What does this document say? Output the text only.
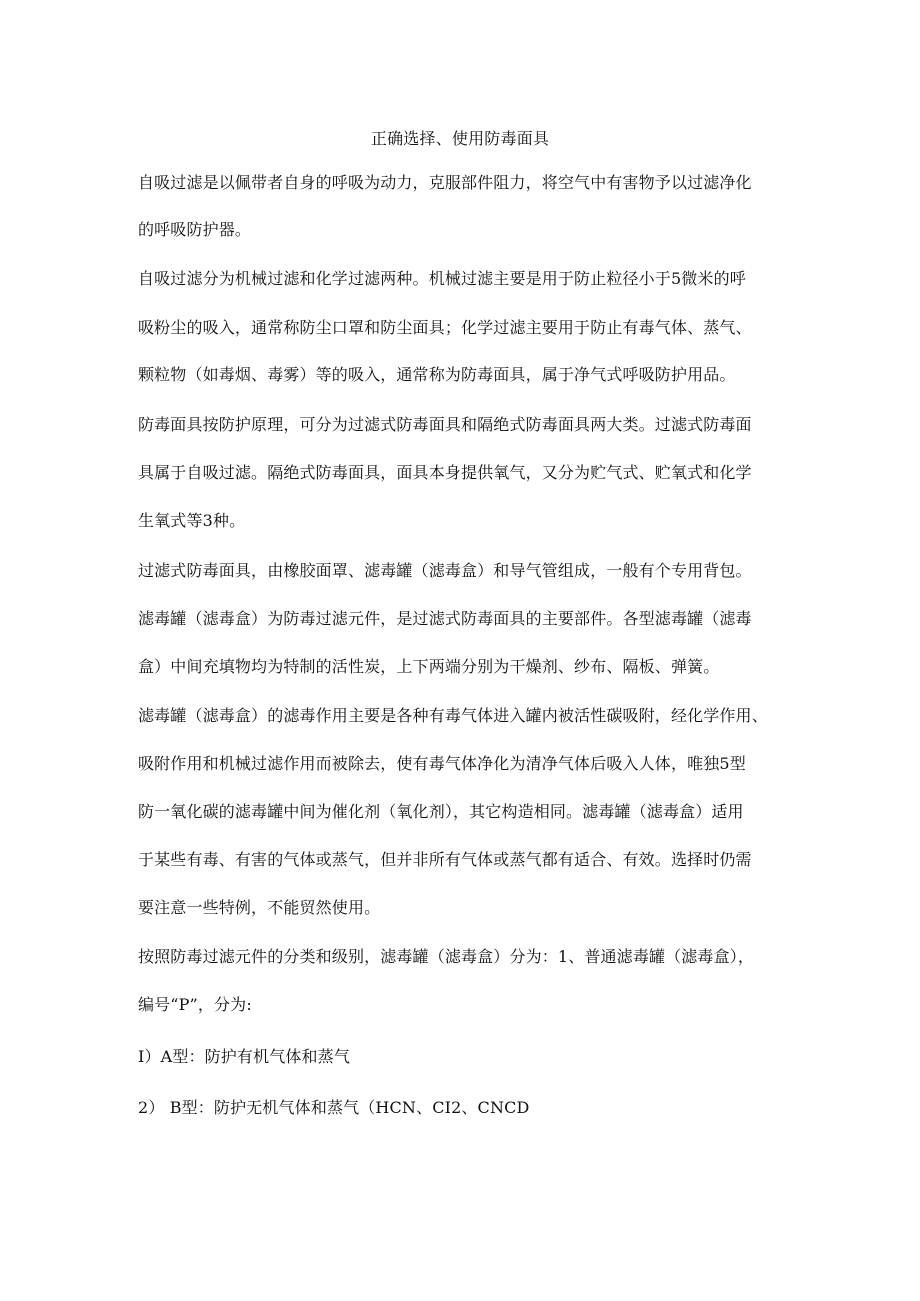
正确选择、使用防毒面具

自吸过滤是以佩带者自身的呼吸为动力，克服部件阻力，将空气中有害物予以过滤净化

的呼吸防护器。

自吸过滤分为机械过滤和化学过滤两种。机械过滤主要是用于防止粒径小于5微米的呼

吸粉尘的吸入，通常称防尘口罩和防尘面具；化学过滤主要用于防止有毒气体、蒸气、

颗粒物（如毒烟、毒雾）等的吸入，通常称为防毒面具，属于净气式呼吸防护用品。

防毒面具按防护原理，可分为过滤式防毒面具和隔绝式防毒面具两大类。过滤式防毒面

具属于自吸过滤。隔绝式防毒面具，面具本身提供氧气，又分为贮气式、贮氧式和化学

生氧式等3种。

过滤式防毒面具，由橡胶面罩、滤毒罐（滤毒盒）和导气管组成，一般有个专用背包。

滤毒罐（滤毒盒）为防毒过滤元件，是过滤式防毒面具的主要部件。各型滤毒罐（滤毒

盒）中间充填物均为特制的活性炭，上下两端分别为干燥剂、纱布、隔板、弹簧。

滤毒罐（滤毒盒）的滤毒作用主要是各种有毒气体进入罐内被活性碳吸附，经化学作用、

吸附作用和机械过滤作用而被除去，使有毒气体净化为清净气体后吸入人体，唯独5型

防一氧化碳的滤毒罐中间为催化剂（氧化剂），其它构造相同。滤毒罐（滤毒盒）适用

于某些有毒、有害的气体或蒸气，但并非所有气体或蒸气都有适合、有效。选择时仍需

要注意一些特例，不能贸然使用。

按照防毒过滤元件的分类和级别，滤毒罐（滤毒盒）分为：1、普通滤毒罐（滤毒盒），

编号“P”，分为:

I）A型：防护有机气体和蒸气

2） B型：防护无机气体和蒸气（HCN、CI2、CNCD
